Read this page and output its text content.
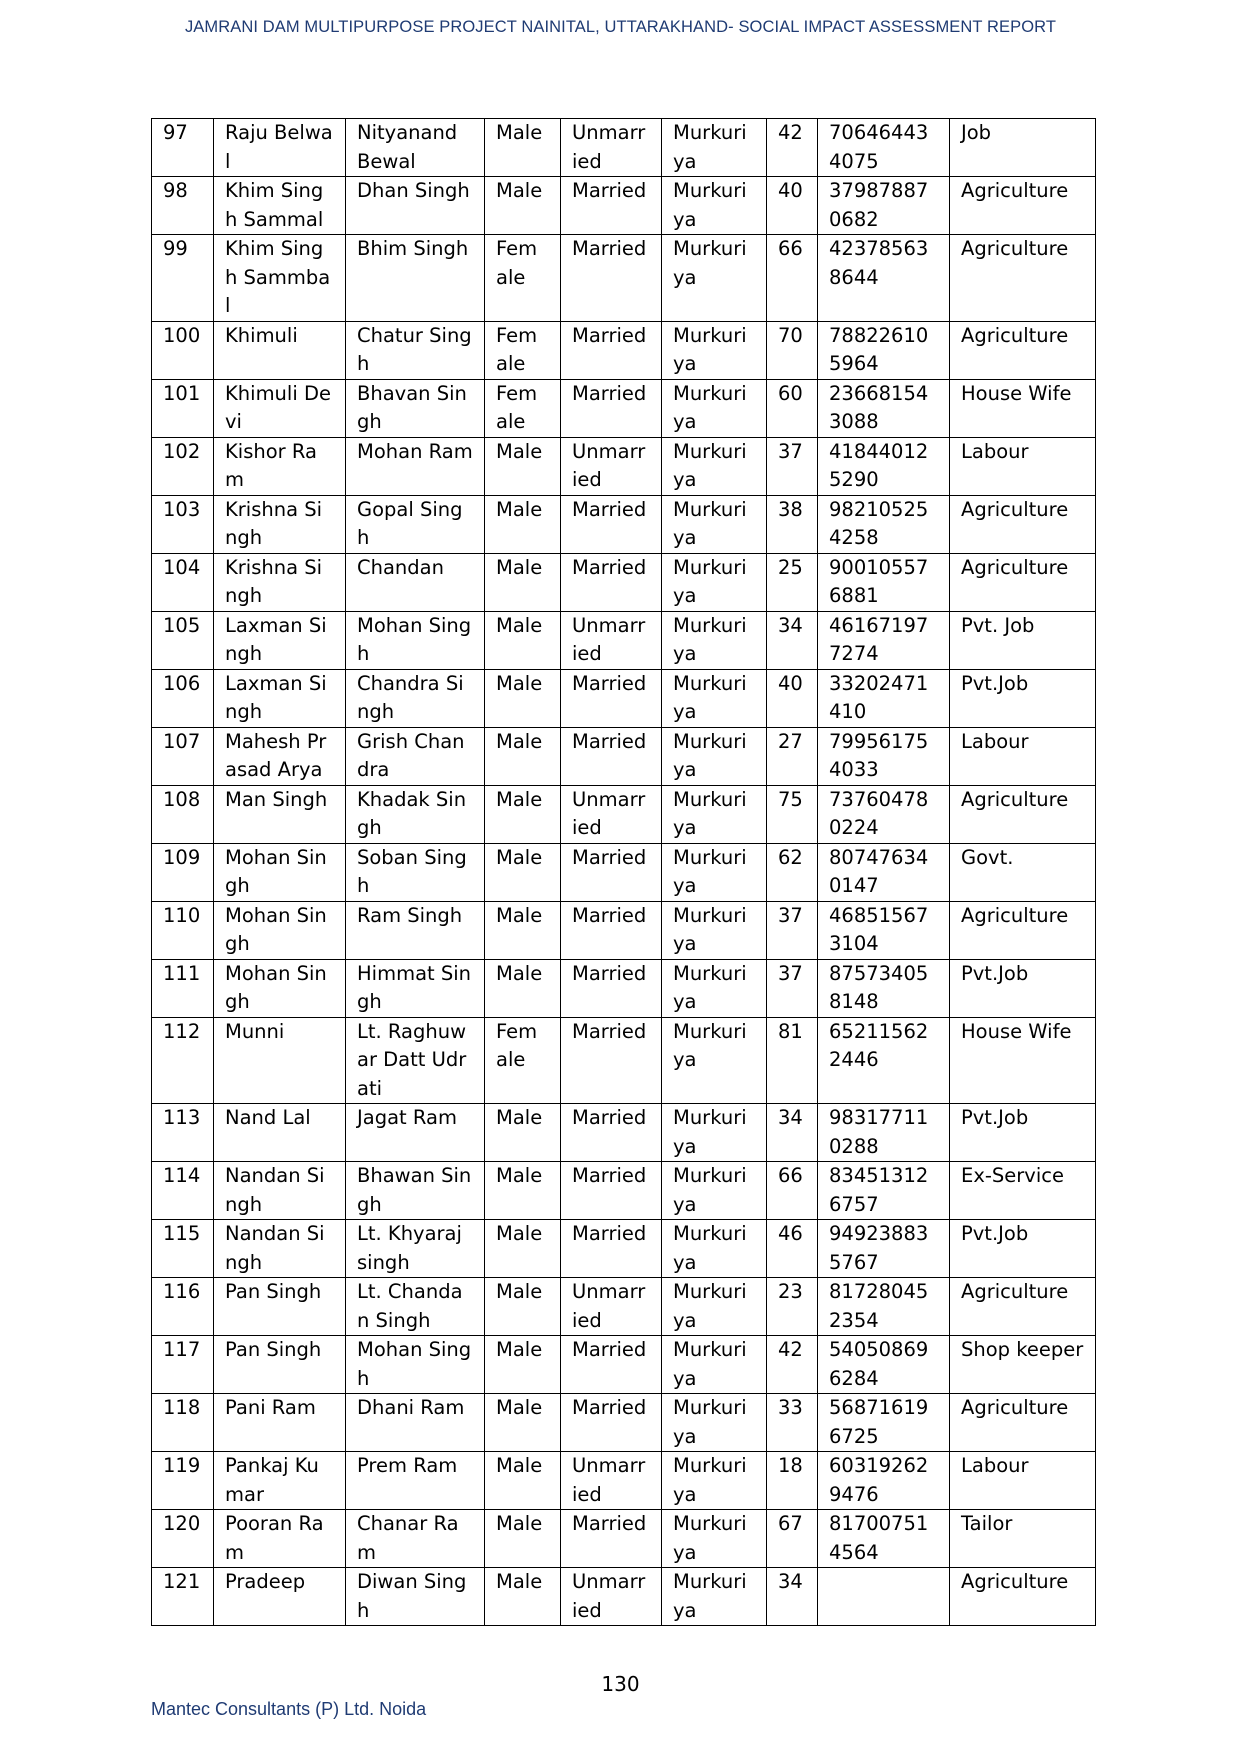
JAMRANI DAM MULTIPURPOSE PROJECT NAINITAL, UTTARAKHAND- SOCIAL IMPACT ASSESSMENT REPORT
97	Raju Belwal	Nityanand Bewal	Male	Unmarried	Murkuriya	42	706464434075	Job
98	Khim Singh Sammal	Dhan Singh	Male	Married	Murkuriya	40	379878870682	Agriculture
99	Khim Singh Sammbal	Bhim Singh	Female	Married	Murkuriya	66	423785638644	Agriculture
100	Khimuli	Chatur Singh	Female	Married	Murkuriya	70	788226105964	Agriculture
101	Khimuli Devi	Bhavan Singh	Female	Married	Murkuriya	60	236681543088	House Wife
102	Kishor Ram	Mohan Ram	Male	Unmarried	Murkuriya	37	418440125290	Labour
103	Krishna Singh	Gopal Singh	Male	Married	Murkuriya	38	982105254258	Agriculture
104	Krishna Singh	Chandan	Male	Married	Murkuriya	25	900105576881	Agriculture
105	Laxman Singh	Mohan Singh	Male	Unmarried	Murkuriya	34	461671977274	Pvt. Job
106	Laxman Singh	Chandra Singh	Male	Married	Murkuriya	40	33202471410	Pvt.Job
107	Mahesh Prasad Arya	Grish Chandra	Male	Married	Murkuriya	27	799561754033	Labour
108	Man Singh	Khadak Singh	Male	Unmarried	Murkuriya	75	737604780224	Agriculture
109	Mohan Singh	Soban Singh	Male	Married	Murkuriya	62	807476340147	Govt.
110	Mohan Singh	Ram Singh	Male	Married	Murkuriya	37	468515673104	Agriculture
111	Mohan Singh	Himmat Singh	Male	Married	Murkuriya	37	875734058148	Pvt.Job
112	Munni	Lt. Raghuwar Datt Udrati	Female	Married	Murkuriya	81	652115622446	House Wife
113	Nand Lal	Jagat Ram	Male	Married	Murkuriya	34	983177110288	Pvt.Job
114	Nandan Singh	Bhawan Singh	Male	Married	Murkuriya	66	834513126757	Ex-Service
115	Nandan Singh	Lt. Khyaraj singh	Male	Married	Murkuriya	46	949238835767	Pvt.Job
116	Pan Singh	Lt. Chandan Singh	Male	Unmarried	Murkuriya	23	817280452354	Agriculture
117	Pan Singh	Mohan Singh	Male	Married	Murkuriya	42	540508696284	Shop keeper
118	Pani Ram	Dhani Ram	Male	Married	Murkuriya	33	568716196725	Agriculture
119	Pankaj Kumar	Prem Ram	Male	Unmarried	Murkuriya	18	603192629476	Labour
120	Pooran Ram	Chanar Ram	Male	Married	Murkuriya	67	817007514564	Tailor
121	Pradeep	Diwan Singh	Male	Unmarried	Murkuriya	34		Agriculture
130
Mantec Consultants (P) Ltd. Noida
